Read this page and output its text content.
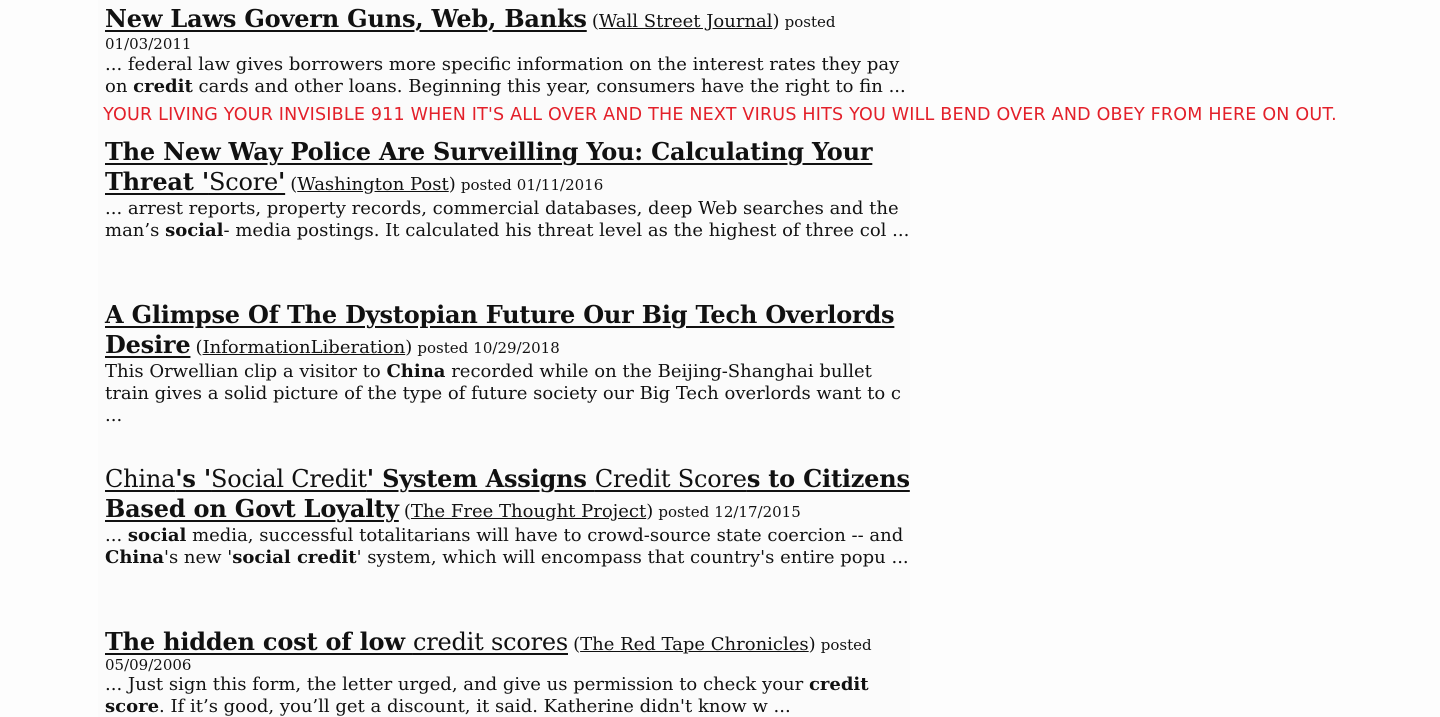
New Laws Govern Guns, Web, Banks (Wall Street Journal) posted 01/03/2011

... federal law gives borrowers more specific information on the interest rates they pay on credit cards and other loans. Beginning this year, consumers have the right to fin ...

YOUR LIVING YOUR INVISIBLE 911 WHEN IT'S ALL OVER AND THE NEXT VIRUS HITS YOU WILL BEND OVER AND OBEY FROM HERE ON OUT.
The New Way Police Are Surveilling You: Calculating Your
Threat 'Score' (Washington Post) posted 01/11/2016

... arrest reports, property records, commercial databases, deep Web searches and the man’s social- media postings. It calculated his threat level as the highest of three col ...

A Glimpse Of The Dystopian Future Our Big Tech Overlords
Desire (InformationLiberation) posted 10/29/2018

This Orwellian clip a visitor to China recorded while on the Beijing-Shanghai bullet train gives a solid picture of the type of future society our Big Tech overlords want to c ...

China's 'Social Credit' System Assigns Credit Scores to Citizens
Based on Govt Loyalty (The Free Thought Project) posted 12/17/2015

... social media, successful totalitarians will have to crowd-source state coercion -- and China's new 'social credit' system, which will encompass that country's entire popu ...

The hidden cost of low credit scores (The Red Tape Chronicles) posted
05/09/2006

... Just sign this form, the letter urged, and give us permission to check your credit score. If it’s good, you’ll get a discount, it said. Katherine didn't know w ...
